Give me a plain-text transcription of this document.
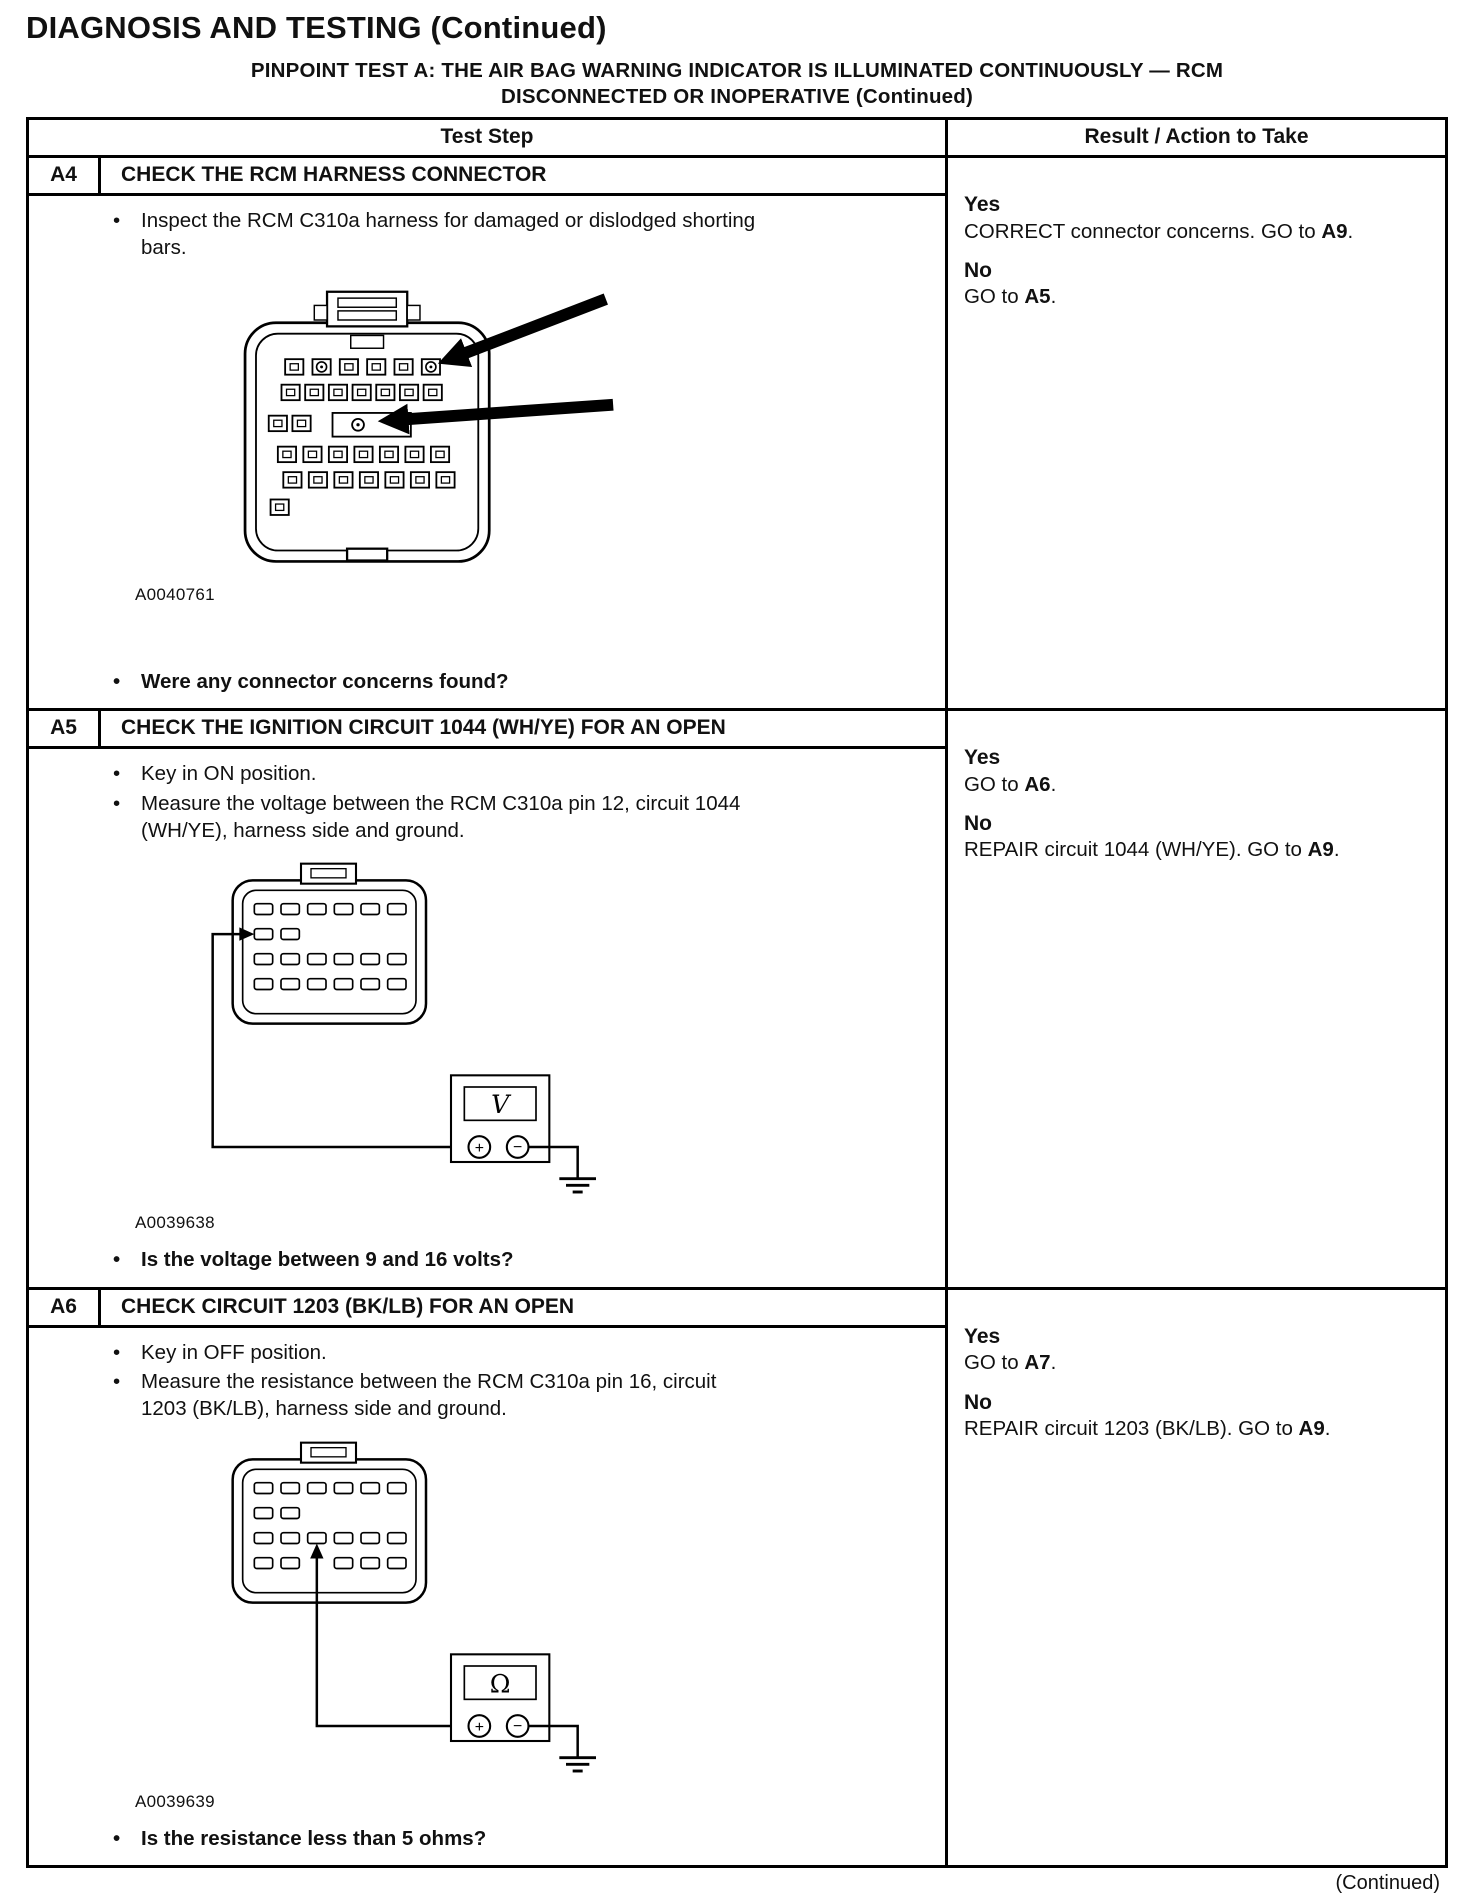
DIAGNOSIS AND TESTING (Continued)
PINPOINT TEST A: THE AIR BAG WARNING INDICATOR IS ILLUMINATED CONTINUOUSLY — RCM
DISCONNECTED OR INOPERATIVE (Continued)
Test Step	Result / Action to Take
A4	CHECK THE RCM HARNESS CONNECTOR
• Inspect the RCM C310a harness for damaged or dislodged shorting bars.
A0040761
• Were any connector concerns found?
Yes
CORRECT connector concerns. GO to A9.
No
GO to A5.
A5	CHECK THE IGNITION CIRCUIT 1044 (WH/YE) FOR AN OPEN
• Key in ON position.
• Measure the voltage between the RCM C310a pin 12, circuit 1044 (WH/YE), harness side and ground.
V
+ −
A0039638
• Is the voltage between 9 and 16 volts?
Yes
GO to A6.
No
REPAIR circuit 1044 (WH/YE). GO to A9.
A6	CHECK CIRCUIT 1203 (BK/LB) FOR AN OPEN
• Key in OFF position.
• Measure the resistance between the RCM C310a pin 16, circuit 1203 (BK/LB), harness side and ground.
Ω
+ −
A0039639
• Is the resistance less than 5 ohms?
Yes
GO to A7.
No
REPAIR circuit 1203 (BK/LB). GO to A9.
(Continued)
